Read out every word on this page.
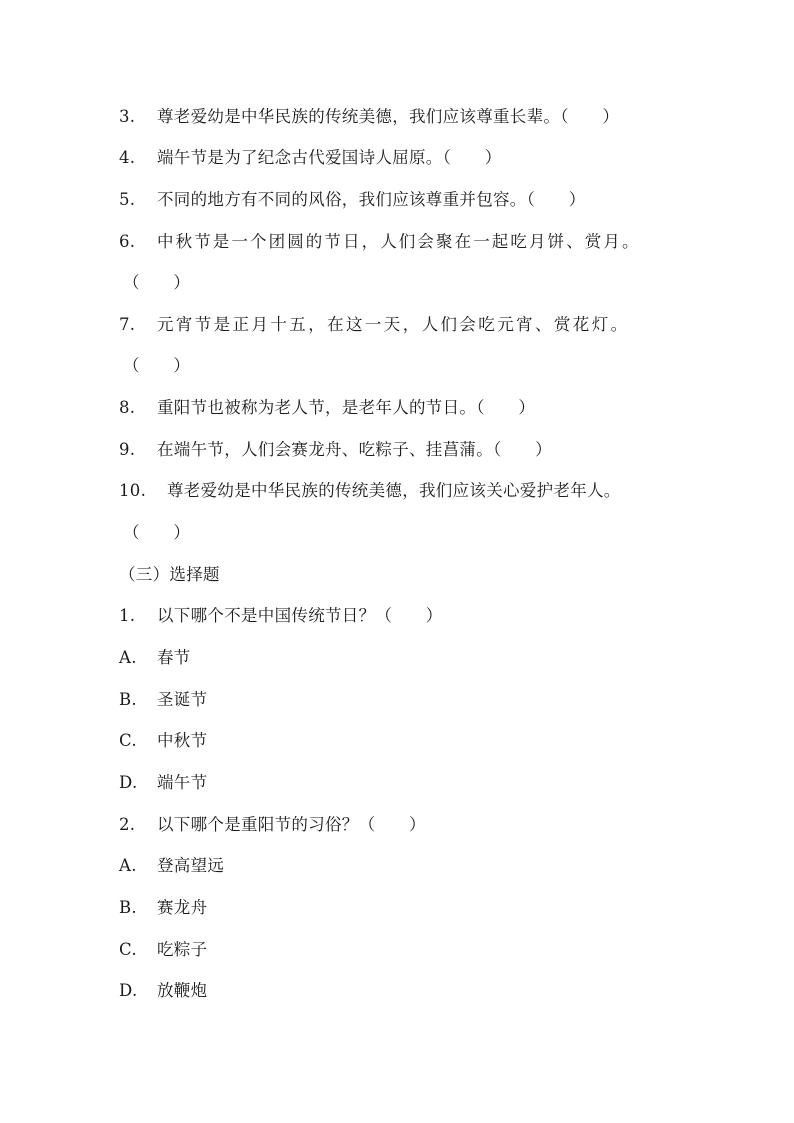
3. 尊老爱幼是中华民族的传统美德，我们应该尊重长辈。（　　）
4. 端午节是为了纪念古代爱国诗人屈原。（　　）
5. 不同的地方有不同的风俗，我们应该尊重并包容。（　　）
6. 中秋节是一个团圆的节日，人们会聚在一起吃月饼、赏月。
（　　）
7. 元宵节是正月十五，在这一天，人们会吃元宵、赏花灯。
（　　）
8. 重阳节也被称为老人节，是老年人的节日。（　　）
9. 在端午节，人们会赛龙舟、吃粽子、挂菖蒲。（　　）
10. 尊老爱幼是中华民族的传统美德，我们应该关心爱护老年人。
（　　）
（三）选择题
1. 以下哪个不是中国传统节日？（　　）
A. 春节
B. 圣诞节
C. 中秋节
D. 端午节
2. 以下哪个是重阳节的习俗？（　　）
A. 登高望远
B. 赛龙舟
C. 吃粽子
D. 放鞭炮
